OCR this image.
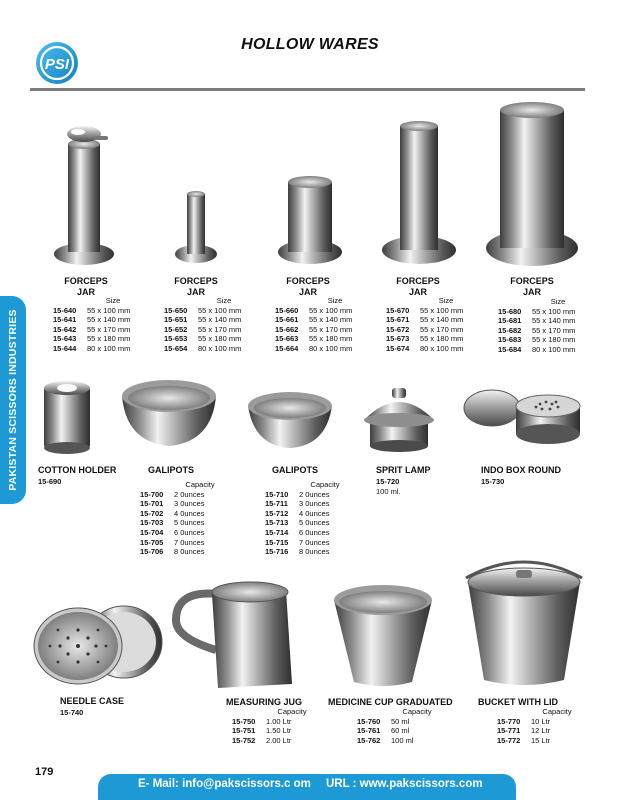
PSI
HOLLOW WARES
PAKISTAN SCISSORS INDUSTRIES
FORCEPS
JAR
FORCEPS
JAR
FORCEPS
JAR
FORCEPS
JAR
FORCEPS
JAR
Size
15-640	55 x 100 mm
15-641	55 x 140 mm
15-642	55 x 170 mm
15-643	55 x 180 mm
15-644	80 x 100 mm
Size
15-650	55 x 100 mm
15-651	55 x 140 mm
15-652	55 x 170 mm
15-653	55 x 180 mm
15-654	80 x 100 mm
Size
15-660	55 x 100 mm
15-661	55 x 140 mm
15-662	55 x 170 mm
15-663	55 x 180 mm
15-664	80 x 100 mm
Size
15-670	55 x 100 mm
15-671	55 x 140 mm
15-672	55 x 170 mm
15-673	55 x 180 mm
15-674	80 x 100 mm
Size
15-680	55 x 100 mm
15-681	55 x 140 mm
15-682	55 x 170 mm
15-683	55 x 180 mm
15-684	80 x 100 mm
COTTON HOLDER
15-690
GALIPOTS
Capacity
15-700	2 0unces
15-701	3 0unces
15-702	4 0unces
15-703	5 0unces
15-704	6 0unces
15-705	7 0unces
15-706	8 0unces
GALIPOTS
Capacity
15-710	2 0unces
15-711	3 0unces
15-712	4 0unces
15-713	5 0unces
15-714	6 0unces
15-715	7 0unces
15-716	8 0unces
SPRIT LAMP
15-720
100 ml.
INDO BOX ROUND
15-730
NEEDLE CASE
15-740
MEASURING JUG
Capacity
15-750	1.00 Ltr
15-751	1.50 Ltr
15-752	2.00 Ltr
MEDICINE CUP GRADUATED
Capacity
15-760	50 ml
15-761	60 ml
15-762	100 ml
BUCKET WITH LID
Capacity
15-770	10 Ltr
15-771	12 Ltr
15-772	15 Ltr
179
E- Mail: info@pakscissors.c om URL : www.pakscissors.com
